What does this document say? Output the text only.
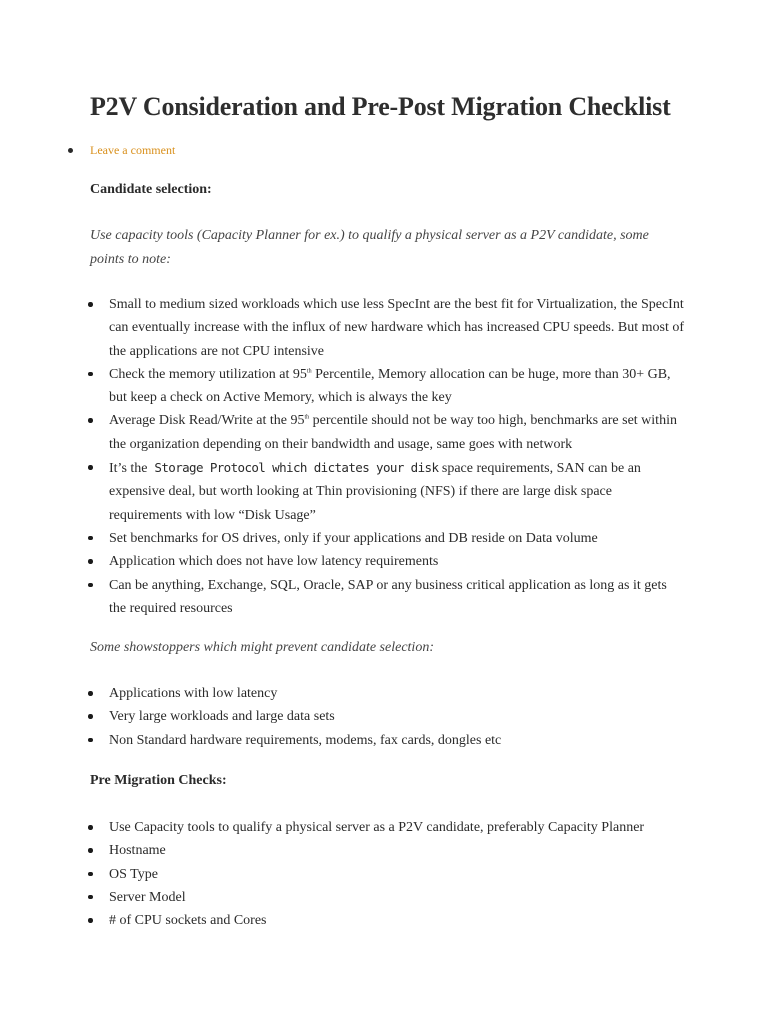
P2V Consideration and Pre-Post Migration Checklist
Leave a comment

Candidate selection:

Use capacity tools (Capacity Planner for ex.) to qualify a physical server as a P2V candidate, some points to note:

Small to medium sized workloads which use less SpecInt are the best fit for Virtualization, the SpecInt can eventually increase with the influx of new hardware which has increased CPU speeds. But most of the applications are not CPU intensive
Check the memory utilization at 95th Percentile, Memory allocation can be huge, more than 30+ GB, but keep a check on Active Memory, which is always the key
Average Disk Read/Write at the 95th percentile should not be way too high, benchmarks are set within the organization depending on their bandwidth and usage, same goes with network
It’s the Storage Protocol which dictates your disk space requirements, SAN can be an expensive deal, but worth looking at Thin provisioning (NFS) if there are large disk space requirements with low “Disk Usage”
Set benchmarks for OS drives, only if your applications and DB reside on Data volume
Application which does not have low latency requirements
Can be anything, Exchange, SQL, Oracle, SAP or any business critical application as long as it gets the required resources

Some showstoppers which might prevent candidate selection:

Applications with low latency
Very large workloads and large data sets
Non Standard hardware requirements, modems, fax cards, dongles etc

Pre Migration Checks:

Use Capacity tools to qualify a physical server as a P2V candidate, preferably Capacity Planner
Hostname
OS Type
Server Model
# of CPU sockets and Cores
